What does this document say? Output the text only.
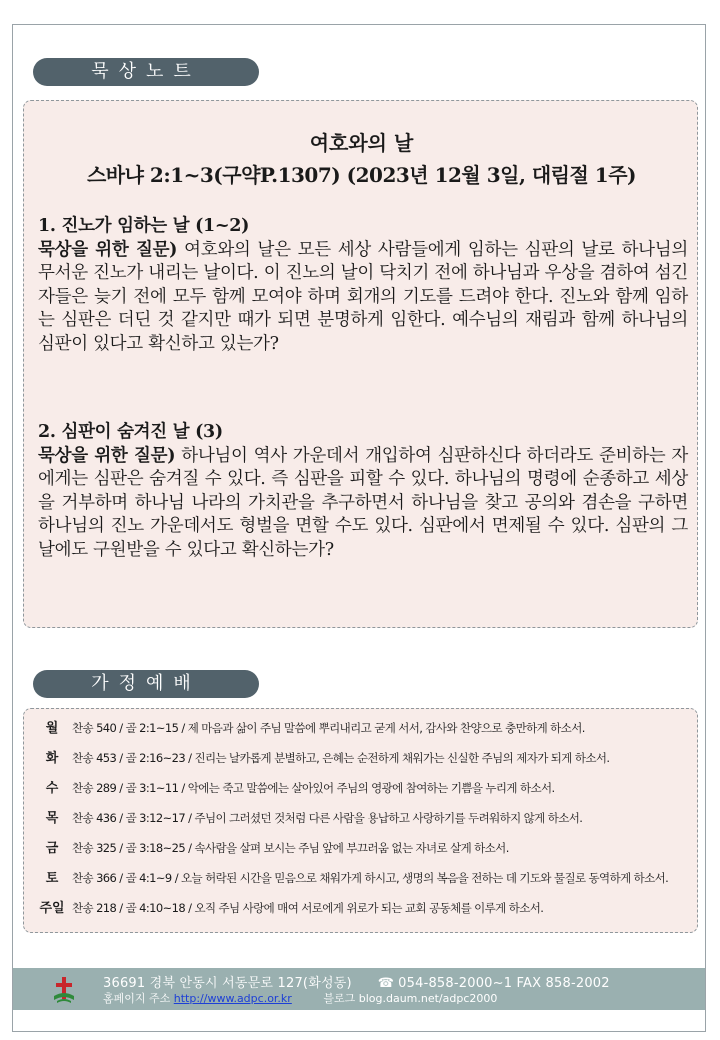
묵상노트
여호와의 날
스바냐 2:1~3(구약P.1307) (2023년 12월 3일, 대림절 1주)
1. 진노가 임하는 날 (1~2)

묵상을 위한 질문) 여호와의 날은 모든 세상 사람들에게 임하는 심판의 날로 하나님의 무서운 진노가 내리는 날이다. 이 진노의 날이 닥치기 전에 하나님과 우상을 겸하여 섬긴 자들은 늦기 전에 모두 함께 모여야 하며 회개의 기도를 드려야 한다. 진노와 함께 임하는 심판은 더딘 것 같지만 때가 되면 분명하게 임한다. 예수님의 재림과 함께 하나님의 심판이 있다고 확신하고 있는가?

2. 심판이 숨겨진 날 (3)

묵상을 위한 질문) 하나님이 역사 가운데서 개입하여 심판하신다 하더라도 준비하는 자에게는 심판은 숨겨질 수 있다. 즉 심판을 피할 수 있다. 하나님의 명령에 순종하고 세상을 거부하며 하나님 나라의 가치관을 추구하면서 하나님을 찾고 공의와 겸손을 구하면 하나님의 진노 가운데서도 형벌을 면할 수도 있다. 심판에서 면제될 수 있다. 심판의 그 날에도 구원받을 수 있다고 확신하는가?

가정예배
월 찬송 540 / 골 2:1~15 / 제 마음과 삶이 주님 말씀에 뿌리내리고 굳게 서서, 감사와 찬양으로 충만하게 하소서.
화 찬송 453 / 골 2:16~23 / 진리는 날카롭게 분별하고, 은혜는 순전하게 채워가는 신실한 주님의 제자가 되게 하소서.
수 찬송 289 / 골 3:1~11 / 악에는 죽고 말씀에는 살아있어 주님의 영광에 참여하는 기쁨을 누리게 하소서.
목 찬송 436 / 골 3:12~17 / 주님이 그러셨던 것처럼 다른 사람을 용납하고 사랑하기를 두려워하지 않게 하소서.
금 찬송 325 / 골 3:18~25 / 속사람을 살펴 보시는 주님 앞에 부끄러움 없는 자녀로 살게 하소서.
토 찬송 366 / 골 4:1~9 / 오늘 허락된 시간을 믿음으로 채워가게 하시고, 생명의 복음을 전하는 데 기도와 물질로 동역하게 하소서.
주일 찬송 218 / 골 4:10~18 / 오직 주님 사랑에 매여 서로에게 위로가 되는 교회 공동체를 이루게 하소서.
36691 경북 안동시 서동문로 127(화성동) ☎ 054-858-2000~1 FAX 858-2002
홈페이지 주소 http://www.adpc.or.kr	블로그 blog.daum.net/adpc2000
